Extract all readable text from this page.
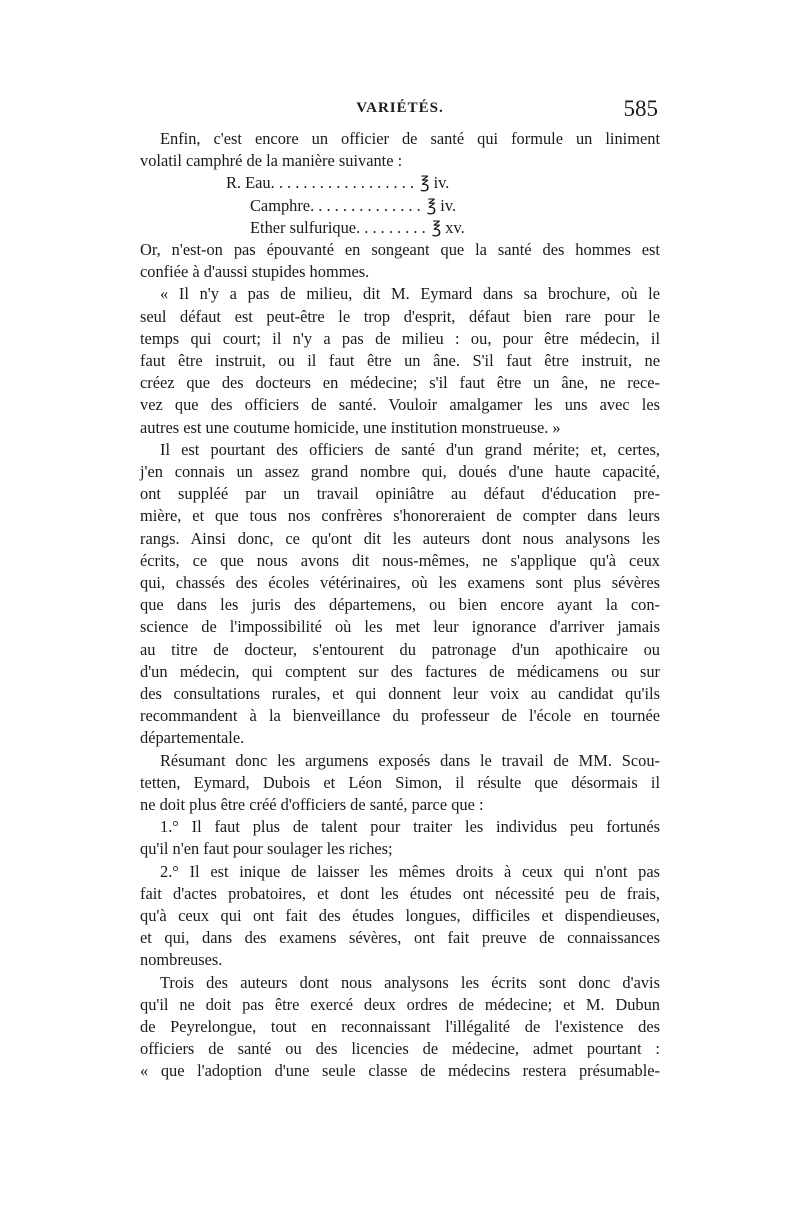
VARIÉTÉS.	585

Enfin, c'est encore un officier de santé qui formule un liniment
volatil camphré de la manière suivante :

R. Eau. . . . . . . . . . . . . . . . . . ℥ iv.
Camphre. . . . . . . . . . . . . . ℥ iv.
Ether sulfurique. . . . . . . . . ℥ xv.

Or, n'est-on pas épouvanté en songeant que la santé des hommes est
confiée à d'aussi stupides hommes.

« Il n'y a pas de milieu, dit M. Eymard dans sa brochure, où le
seul défaut est peut-être le trop d'esprit, défaut bien rare pour le
temps qui court; il n'y a pas de milieu : ou, pour être médecin, il
faut être instruit, ou il faut être un âne. S'il faut être instruit, ne
créez que des docteurs en médecine; s'il faut être un âne, ne rece-
vez que des officiers de santé. Vouloir amalgamer les uns avec les
autres est une coutume homicide, une institution monstrueuse. »

Il est pourtant des officiers de santé d'un grand mérite; et, certes,
j'en connais un assez grand nombre qui, doués d'une haute capacité,
ont suppléé par un travail opiniâtre au défaut d'éducation pre-
mière, et que tous nos confrères s'honoreraient de compter dans leurs
rangs. Ainsi donc, ce qu'ont dit les auteurs dont nous analysons les
écrits, ce que nous avons dit nous-mêmes, ne s'applique qu'à ceux
qui, chassés des écoles vétérinaires, où les examens sont plus sévères
que dans les juris des départemens, ou bien encore ayant la con-
science de l'impossibilité où les met leur ignorance d'arriver jamais
au titre de docteur, s'entourent du patronage d'un apothicaire ou
d'un médecin, qui comptent sur des factures de médicamens ou sur
des consultations rurales, et qui donnent leur voix au candidat qu'ils
recommandent à la bienveillance du professeur de l'école en tournée
départementale.

Résumant donc les argumens exposés dans le travail de MM. Scou-
tetten, Eymard, Dubois et Léon Simon, il résulte que désormais il
ne doit plus être créé d'officiers de santé, parce que :

1.° Il faut plus de talent pour traiter les individus peu fortunés
qu'il n'en faut pour soulager les riches;

2.° Il est inique de laisser les mêmes droits à ceux qui n'ont pas
fait d'actes probatoires, et dont les études ont nécessité peu de frais,
qu'à ceux qui ont fait des études longues, difficiles et dispendieuses,
et qui, dans des examens sévères, ont fait preuve de connaissances
nombreuses.

Trois des auteurs dont nous analysons les écrits sont donc d'avis
qu'il ne doit pas être exercé deux ordres de médecine; et M. Dubun
de Peyrelongue, tout en reconnaissant l'illégalité de l'existence des
officiers de santé ou des licencies de médecine, admet pourtant :
« que l'adoption d'une seule classe de médecins restera présumable-
